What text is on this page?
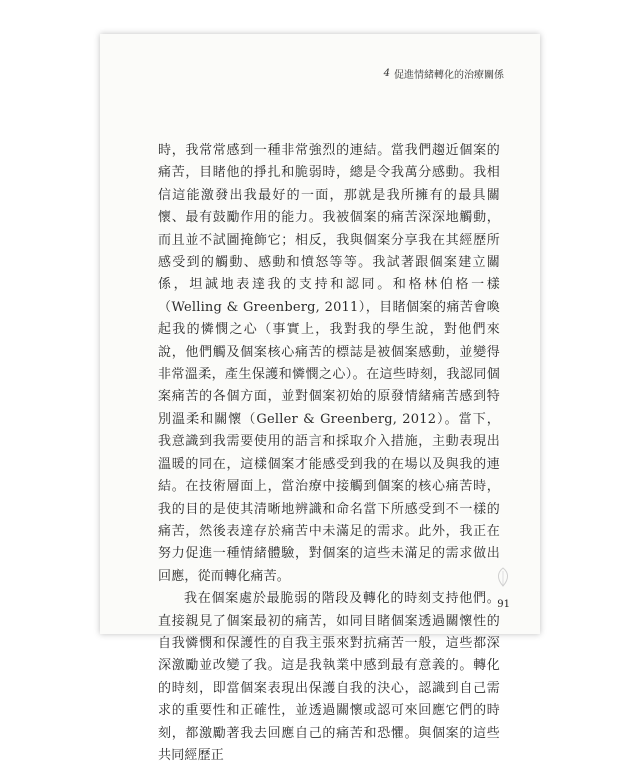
4 促進情緒轉化的治療關係

時，我常常感到一種非常強烈的連結。當我們趨近個案的痛苦，目睹他的掙扎和脆弱時，總是令我萬分感動。我相信這能激發出我最好的一面，那就是我所擁有的最具關懷、最有鼓勵作用的能力。我被個案的痛苦深深地觸動，而且並不試圖掩飾它；相反，我與個案分享我在其經歷所感受到的觸動、感動和憤怒等等。我試著跟個案建立關係，坦誠地表達我的支持和認同。和格林伯格一樣（Welling & Greenberg, 2011），目睹個案的痛苦會喚起我的憐憫之心（事實上，我對我的學生說，對他們來說，他們觸及個案核心痛苦的標誌是被個案感動，並變得非常溫柔，產生保護和憐憫之心）。在這些時刻，我認同個案痛苦的各個方面，並對個案初始的原發情緒痛苦感到特別溫柔和關懷（Geller & Greenberg, 2012）。當下，我意識到我需要使用的語言和採取介入措施，主動表現出溫暖的同在，這樣個案才能感受到我的在場以及與我的連結。在技術層面上，當治療中接觸到個案的核心痛苦時，我的目的是使其清晰地辨識和命名當下所感受到不一樣的痛苦，然後表達存於痛苦中未滿足的需求。此外，我正在努力促進一種情緒體驗，對個案的這些未滿足的需求做出回應，從而轉化痛苦。

我在個案處於最脆弱的階段及轉化的時刻支持他們。直接親見了個案最初的痛苦，如同目睹個案透過關懷性的自我憐憫和保護性的自我主張來對抗痛苦一般，這些都深深激勵並改變了我。這是我執業中感到最有意義的。轉化的時刻，即當個案表現出保護自我的決心，認識到自己需求的重要性和正確性，並透過關懷或認可來回應它們的時刻，都激勵著我去回應自己的痛苦和恐懼。與個案的這些共同經歷正

91
